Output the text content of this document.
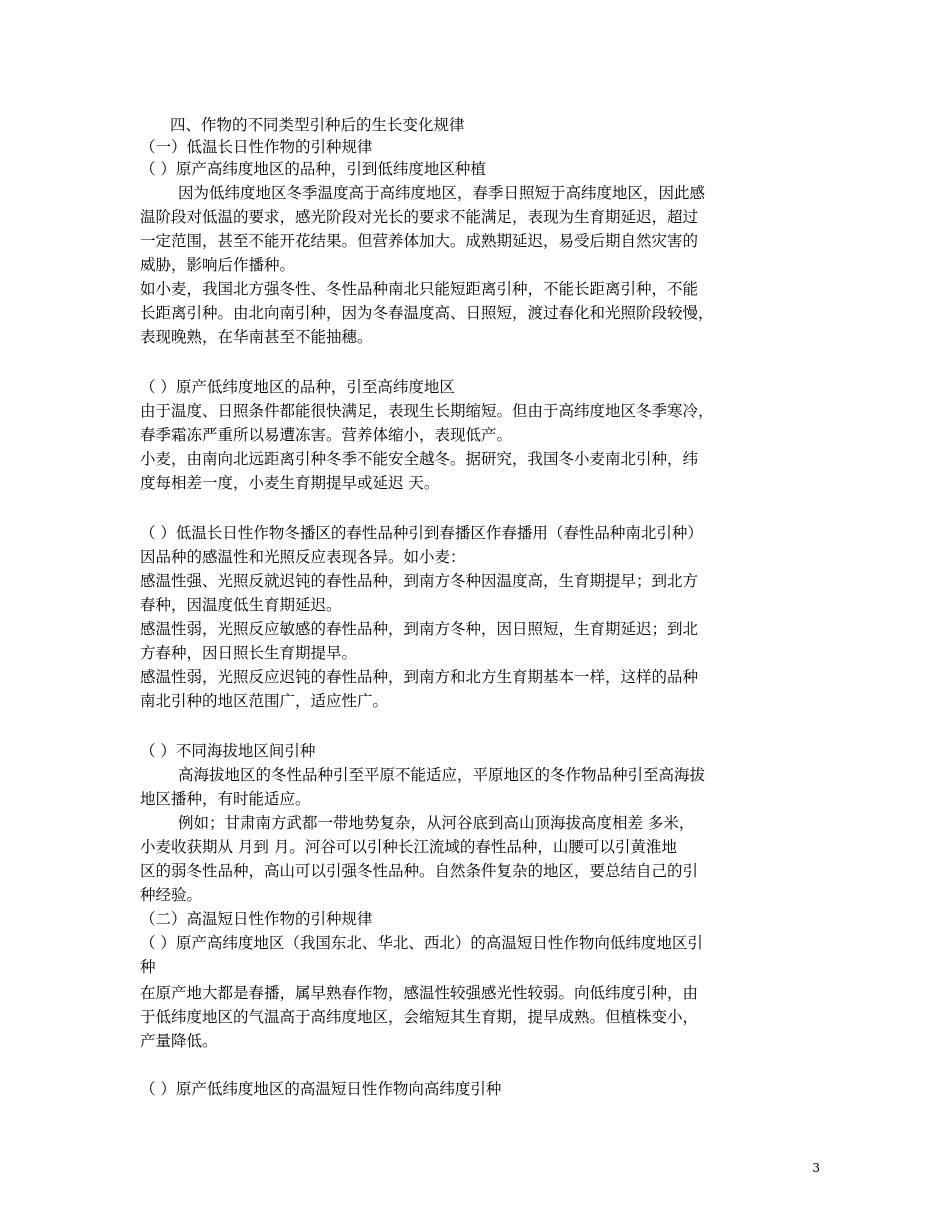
四、作物的不同类型引种后的生长变化规律
（一）低温长日性作物的引种规律
（ ）原产高纬度地区的品种，引到低纬度地区种植
因为低纬度地区冬季温度高于高纬度地区，春季日照短于高纬度地区，因此感
温阶段对低温的要求，感光阶段对光长的要求不能满足，表现为生育期延迟，超过
一定范围，甚至不能开花结果。但营养体加大。成熟期延迟，易受后期自然灾害的
威胁，影响后作播种。
如小麦，我国北方强冬性、冬性品种南北只能短距离引种，不能长距离引种，不能
长距离引种。由北向南引种，因为冬春温度高、日照短，渡过春化和光照阶段较慢，
表现晚熟，在华南甚至不能抽穗。
（ ）原产低纬度地区的品种，引至高纬度地区
由于温度、日照条件都能很快满足，表现生长期缩短。但由于高纬度地区冬季寒冷，
春季霜冻严重所以易遭冻害。营养体缩小，表现低产。
小麦，由南向北远距离引种冬季不能安全越冬。据研究，我国冬小麦南北引种，纬
度每相差一度，小麦生育期提早或延迟 天。
（ ）低温长日性作物冬播区的春性品种引到春播区作春播用（春性品种南北引种）
因品种的感温性和光照反应表现各异。如小麦：
感温性强、光照反就迟钝的春性品种，到南方冬种因温度高，生育期提早；到北方
春种，因温度低生育期延迟。
感温性弱，光照反应敏感的春性品种，到南方冬种，因日照短，生育期延迟；到北
方春种，因日照长生育期提早。
感温性弱，光照反应迟钝的春性品种，到南方和北方生育期基本一样，这样的品种
南北引种的地区范围广，适应性广。
（ ）不同海拔地区间引种
高海拔地区的冬性品种引至平原不能适应，平原地区的冬作物品种引至高海拔
地区播种，有时能适应。
例如；甘肃南方武都一带地势复杂，从河谷底到高山顶海拔高度相差 多米，
小麦收获期从 月到 月。河谷可以引种长江流域的春性品种，山腰可以引黄淮地
区的弱冬性品种，高山可以引强冬性品种。自然条件复杂的地区，要总结自己的引
种经验。
（二）高温短日性作物的引种规律
（ ）原产高纬度地区（我国东北、华北、西北）的高温短日性作物向低纬度地区引
种
在原产地大都是春播，属早熟春作物，感温性较强感光性较弱。向低纬度引种，由
于低纬度地区的气温高于高纬度地区，会缩短其生育期，提早成熟。但植株变小，
产量降低。
（ ）原产低纬度地区的高温短日性作物向高纬度引种
3
